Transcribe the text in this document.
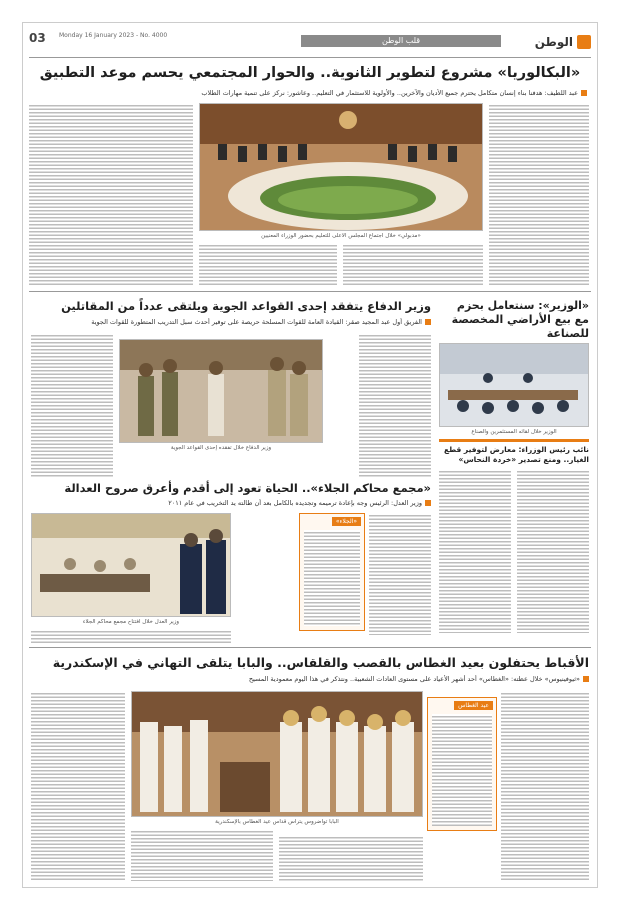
الوطن
قلب الوطن
03 Monday 16 January 2023 - No. 4000
«البكالوريا» مشروع لتطوير الثانوية.. والحوار المجتمعي يحسم موعد التطبيق
عبد اللطيف: هدفنا بناء إنسان متكامل يحترم جميع الأديان والآخرين.. والأولوية للاستثمار في التعليم.. وعاشور: نركز على تنمية مهارات الطلاب
«مدبولي» خلال اجتماع المجلس الأعلى للتعليم بحضور الوزراء المعنيين
«الوزير»: سنتعامل بحزم مع بيع الأراضي المخصصة للصناعة
الوزير خلال لقائه المستثمرين والصناع
نائب رئيس الوزراء: معارض لتوفير قطع الغيار.. ومنع تصدير «خردة النحاس»
وزير الدفاع يتفقد إحدى القواعد الجوية ويلتقى عدداً من المقاتلين
الفريق أول عبد المجيد صقر: القيادة العامة للقوات المسلحة حريصة على توفير أحدث سبل التدريب المتطورة للقوات الجوية
وزير الدفاع خلال تفقده إحدى القواعد الجوية
«مجمع محاكم الجلاء».. الحياة تعود إلى أقدم وأعرق صروح العدالة
وزير العدل: الرئيس وجه بإعادة ترميمه وتجديده بالكامل بعد أن طالته يد التخريب في عام ٢٠١١
«الجلاء»
وزير العدل خلال افتتاح مجمع محاكم الجلاء
الأقباط يحتفلون بعيد الغطاس بالقصب والقلقاس.. والبابا يتلقى التهاني في الإسكندرية
«ثيوفينيوس» خلال عظته: «الغطاس» أحد أشهر الأعياد على مستوى العادات الشعبية.. ونتذكر في هذا اليوم معمودية المسيح
عيد الغطاس
البابا تواضروس يترأس قداس عيد الغطاس بالإسكندرية
